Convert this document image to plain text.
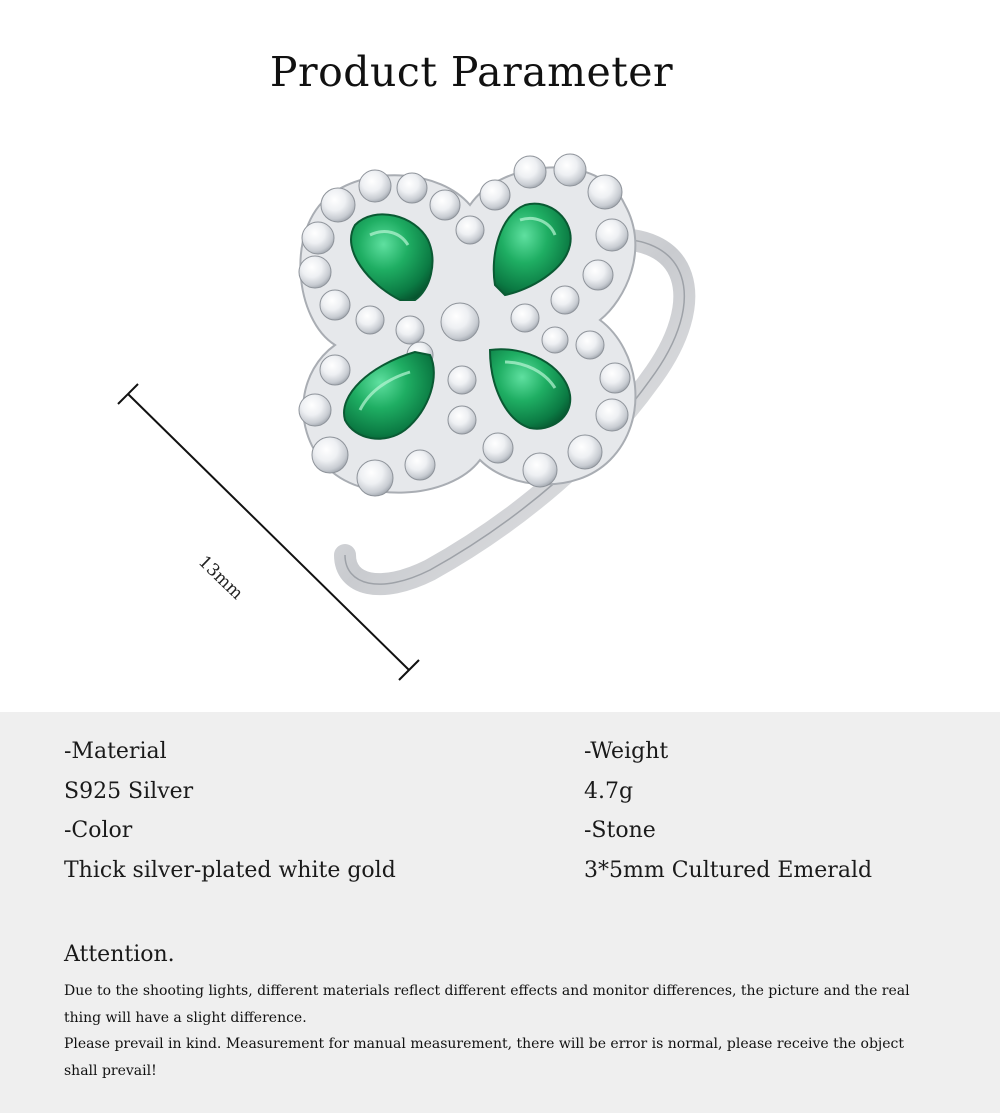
Product Parameter
13mm
-Material
S925 Silver
-Color
Thick silver-plated white gold
-Weight
4.7g
-Stone
3*5mm Cultured Emerald
Attention.
Due to the shooting lights, different materials reflect different effects and monitor differences, the picture and the real thing will have a slight difference.
Please prevail in kind. Measurement for manual measurement, there will be error is normal, please receive the object shall prevail!
